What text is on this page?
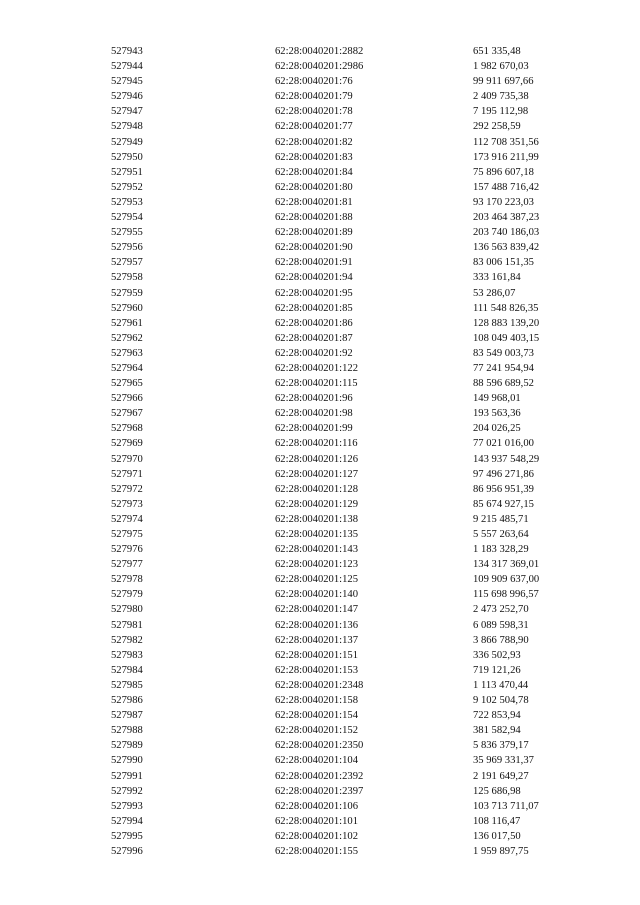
527943	62:28:0040201:2882	651 335,48
527944	62:28:0040201:2986	1 982 670,03
527945	62:28:0040201:76	99 911 697,66
527946	62:28:0040201:79	2 409 735,38
527947	62:28:0040201:78	7 195 112,98
527948	62:28:0040201:77	292 258,59
527949	62:28:0040201:82	112 708 351,56
527950	62:28:0040201:83	173 916 211,99
527951	62:28:0040201:84	75 896 607,18
527952	62:28:0040201:80	157 488 716,42
527953	62:28:0040201:81	93 170 223,03
527954	62:28:0040201:88	203 464 387,23
527955	62:28:0040201:89	203 740 186,03
527956	62:28:0040201:90	136 563 839,42
527957	62:28:0040201:91	83 006 151,35
527958	62:28:0040201:94	333 161,84
527959	62:28:0040201:95	53 286,07
527960	62:28:0040201:85	111 548 826,35
527961	62:28:0040201:86	128 883 139,20
527962	62:28:0040201:87	108 049 403,15
527963	62:28:0040201:92	83 549 003,73
527964	62:28:0040201:122	77 241 954,94
527965	62:28:0040201:115	88 596 689,52
527966	62:28:0040201:96	149 968,01
527967	62:28:0040201:98	193 563,36
527968	62:28:0040201:99	204 026,25
527969	62:28:0040201:116	77 021 016,00
527970	62:28:0040201:126	143 937 548,29
527971	62:28:0040201:127	97 496 271,86
527972	62:28:0040201:128	86 956 951,39
527973	62:28:0040201:129	85 674 927,15
527974	62:28:0040201:138	9 215 485,71
527975	62:28:0040201:135	5 557 263,64
527976	62:28:0040201:143	1 183 328,29
527977	62:28:0040201:123	134 317 369,01
527978	62:28:0040201:125	109 909 637,00
527979	62:28:0040201:140	115 698 996,57
527980	62:28:0040201:147	2 473 252,70
527981	62:28:0040201:136	6 089 598,31
527982	62:28:0040201:137	3 866 788,90
527983	62:28:0040201:151	336 502,93
527984	62:28:0040201:153	719 121,26
527985	62:28:0040201:2348	1 113 470,44
527986	62:28:0040201:158	9 102 504,78
527987	62:28:0040201:154	722 853,94
527988	62:28:0040201:152	381 582,94
527989	62:28:0040201:2350	5 836 379,17
527990	62:28:0040201:104	35 969 331,37
527991	62:28:0040201:2392	2 191 649,27
527992	62:28:0040201:2397	125 686,98
527993	62:28:0040201:106	103 713 711,07
527994	62:28:0040201:101	108 116,47
527995	62:28:0040201:102	136 017,50
527996	62:28:0040201:155	1 959 897,75
